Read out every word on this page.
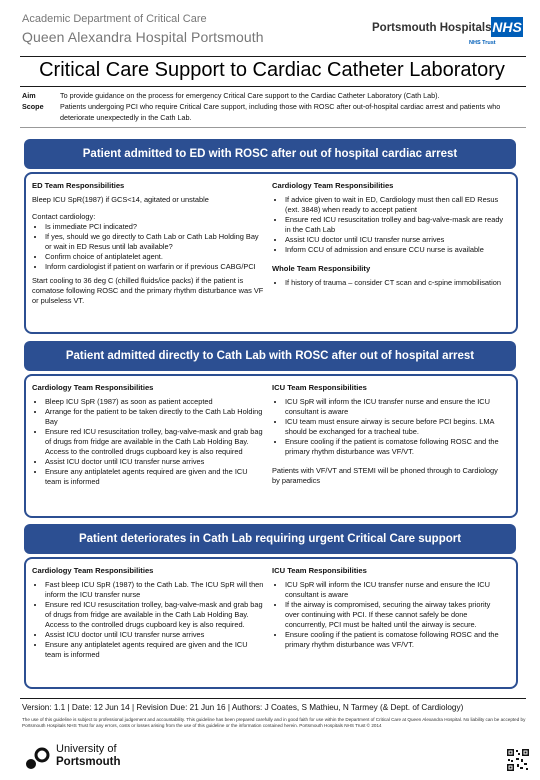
Academic Department of Critical Care
Queen Alexandra Hospital Portsmouth
Portsmouth Hospitals NHS
NHS Trust
Critical Care Support to Cardiac Catheter Laboratory
Aim	To provide guidance on the process for emergency Critical Care support to the Cardiac Catheter Laboratory (Cath Lab).
Scope Patients undergoing PCI who require Critical Care support, including those with ROSC after out-of-hospital cardiac arrest and patients who deteriorate unexpectedly in the Cath Lab.
Patient admitted to ED with ROSC after out of hospital cardiac arrest
ED Team Responsibilities

Bleep ICU SpR(1987) if GCS<14, agitated or unstable

Contact cardiology:

• Is immediate PCI indicated?
• If yes, should we go directly to Cath Lab or Cath Lab Holding Bay or wait in ED Resus until lab available?
• Confirm choice of antiplatelet agent.
• Inform cardiologist if patient on warfarin or if previous CABG/PCI

Start cooling to 36 deg C (chilled fluids/ice packs) if the patient is comatose following ROSC and the primary rhythm disturbance was VF or pulseless VT.

Cardiology Team Responsibilities
• If advice given to wait in ED, Cardiology must then call ED Resus (ext. 3848) when ready to accept patient
• Ensure red ICU resuscitation trolley and bag-valve-mask are ready in the Cath Lab
• Assist ICU doctor until ICU transfer nurse arrives
• Inform CCU of admission and ensure CCU nurse is available
Whole Team Responsibility
• If history of trauma – consider CT scan and c-spine immobilisation
Patient admitted directly to Cath Lab with ROSC after out of hospital arrest
Cardiology Team Responsibilities
• Bleep ICU SpR (1987) as soon as patient accepted
• Arrange for the patient to be taken directly to the Cath Lab Holding Bay
• Ensure red ICU resuscitation trolley, bag-valve-mask and grab bag of drugs from fridge are available in the Cath Lab Holding Bay. Access to the controlled drugs cupboard key is also required
• Assist ICU doctor until ICU transfer nurse arrives
• Ensure any antiplatelet agents required are given and the ICU team is informed
ICU Team Responsibilities
• ICU SpR will inform the ICU transfer nurse and ensure the ICU consultant is aware
• ICU team must ensure airway is secure before PCI begins. LMA should be exchanged for a tracheal tube.
• Ensure cooling if the patient is comatose following ROSC and the primary rhythm disturbance was VF/VT.

Patients with VF/VT and STEMI will be phoned through to Cardiology by paramedics

Patient deteriorates in Cath Lab requiring urgent Critical Care support
Cardiology Team Responsibilities
• Fast bleep ICU SpR (1987) to the Cath Lab. The ICU SpR will then inform the ICU transfer nurse
• Ensure red ICU resuscitation trolley, bag-valve-mask and grab bag of drugs from fridge are available in the Cath Lab Holding Bay. Access to the controlled drugs cupboard key is also required.
• Assist ICU doctor until ICU transfer nurse arrives
• Ensure any antiplatelet agents required are given and the ICU team is informed
ICU Team Responsibilities
• ICU SpR will inform the ICU transfer nurse and ensure the ICU consultant is aware
• If the airway is compromised, securing the airway takes priority over continuing with PCI. If these cannot safely be done concurrently, PCI must be halted until the airway is secure.
• Ensure cooling if the patient is comatose following ROSC and the primary rhythm disturbance was VF/VT.
Version: 1.1 | Date: 12 Jun 14 | Revision Due: 21 Jun 16 | Authors: J Coates, S Mathieu, N Tarmey (& Dept. of Cardiology)
The use of this guideline is subject to professional judgement and accountability. This guideline has been prepared carefully and in good faith for use within the Department of Critical Care at Queen Alexandra Hospital. No liability can be accepted by Portsmouth Hospitals NHS Trust for any errors, costs or losses arising from the use of this guideline or the information contained herein. Portsmouth Hospitals NHS Trust © 2014
University of
Portsmouth
